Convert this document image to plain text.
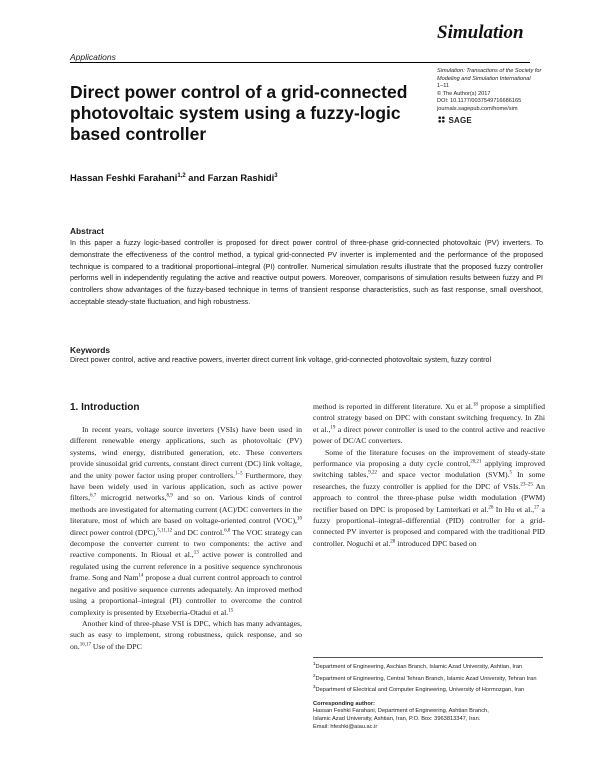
Simulation
Applications
Simulation: Transactions of the Society for
Modeling and Simulation International
1–11
© The Author(s) 2017
DOI: 10.1177/0037549716686165
journals.sagepub.com/home/sim
SAGE
Direct power control of a grid-connected photovoltaic system using a fuzzy-logic based controller
Hassan Feshki Farahani$^{1,2}$ and Farzan Rashidi$^3$
Abstract
In this paper a fuzzy logic-based controller is proposed for direct power control of three-phase grid-connected photovoltaic (PV) inverters. To demonstrate the effectiveness of the control method, a typical grid-connected PV inverter is implemented and the performance of the proposed technique is compared to a traditional proportional–integral (PI) controller. Numerical simulation results illustrate that the proposed fuzzy controller performs well in independently regulating the active and reactive output powers. Moreover, comparisons of simulation results between fuzzy and PI controllers show advantages of the fuzzy-based technique in terms of transient response characteristics, such as fast response, small overshoot, acceptable steady-state fluctuation, and high robustness.
Keywords
Direct power control, active and reactive powers, inverter direct current link voltage, grid-connected photovoltaic system, fuzzy control
1. Introduction

In recent years, voltage source inverters (VSIs) have been used in different renewable energy applications, such as photovoltaic (PV) systems, wind energy, distributed generation, etc. These converters provide sinusoidal grid currents, constant direct current (DC) link voltage, and the unity power factor using proper controllers.$^{1-5}$ Furthermore, they have been widely used in various application, such as active power filters,$^{6,7}$ microgrid networks,$^{8,9}$ and so on. Various kinds of control methods are investigated for alternating current (AC)/DC converters in the literature, most of which are based on voltage-oriented control (VOC),$^{10}$ direct power control (DPC),$^{5,11,12}$ and DC control.$^{6,8}$ The VOC strategy can decompose the converter current to two components: the active and reactive components. In Rioual et al.,$^{13}$ active power is controlled and regulated using the current reference in a positive sequence synchronous frame. Song and Nam$^{14}$ propose a dual current control approach to control negative and positive sequence currents adequately. An improved method using a proportional–integral (PI) controller to overcome the control complexity is presented by Etxeberria-Otadui et al.$^{15}$

Another kind of three-phase VSI is DPC, which has many advantages, such as easy to implement, strong robustness, quick response, and so on.$^{16,17}$ Use of the DPC

method is reported in different literature. Xu et al.$^{18}$ propose a simplified control strategy based on DPC with constant switching frequency. In Zhi et al.,$^{19}$ a direct power controller is used to the control active and reactive power of DC/AC converters.

Some of the literature focuses on the improvement of steady-state performance via proposing a duty cycle control,$^{20,21}$ applying improved switching tables,$^{9,22}$ and space vector modulation (SVM).$^5$ In some researches, the fuzzy controller is applied for the DPC of VSIs.$^{23-25}$ An approach to control the three-phase pulse width modulation (PWM) rectifier based on DPC is proposed by Lamterkati et al.$^{26}$ In Hu et al.,$^{27}$ a fuzzy proportional–integral–differential (PID) controller for a grid-connected PV inverter is proposed and compared with the traditional PID controller. Noguchi et al.$^{28}$ introduced DPC based on

$^1$Department of Engineering, Aschian Branch, Islamic Azad University, Ashtian, Iran
$^2$Department of Engineering, Central Tehran Branch, Islamic Azad University, Tehran Iran
$^3$Department of Electrical and Computer Engineering, University of Hormozgan, Iran
Corresponding author:
Hassan Feshki Farahani, Department of Engineering, Ashtian Branch,
Islamic Azad University, Ashtian, Iran, P.O. Box: 3963813347, Iran.
Email: hfeshki@aiau.ac.ir
